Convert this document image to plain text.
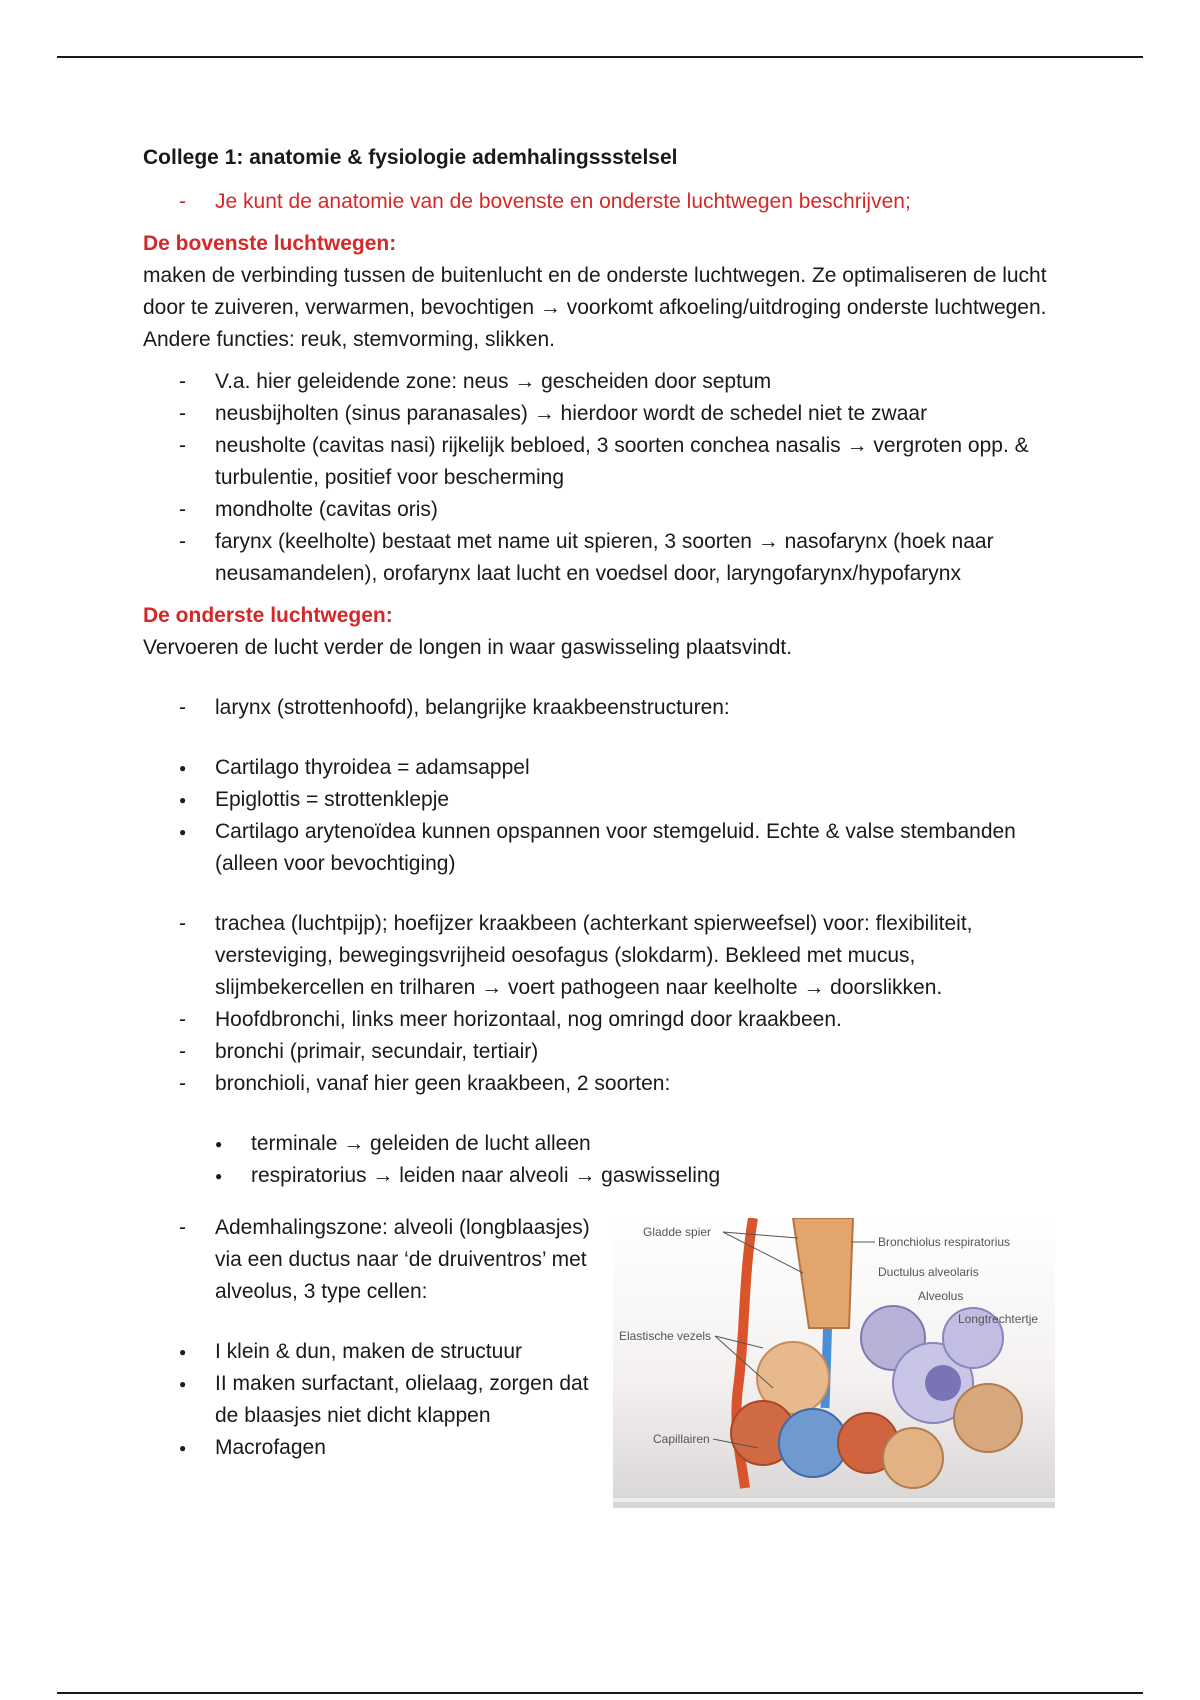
College 1: anatomie & fysiologie ademhalingssstelsel

-
Je kunt de anatomie van de bovenste en onderste luchtwegen beschrijven;

De bovenste luchtwegen:

maken de verbinding tussen de buitenlucht en de onderste luchtwegen. Ze optimaliseren de lucht door te zuiveren, verwarmen, bevochtigen → voorkomt afkoeling/uitdroging onderste luchtwegen. Andere functies: reuk, stemvorming, slikken.

-
V.a. hier geleidende zone: neus → gescheiden door septum
-
neusbijholten (sinus paranasales) → hierdoor wordt de schedel niet te zwaar
-
neusholte (cavitas nasi) rijkelijk bebloed, 3 soorten conchea nasalis → vergroten opp. & turbulentie, positief voor bescherming
-
mondholte (cavitas oris)
-
farynx (keelholte) bestaat met name uit spieren, 3 soorten → nasofarynx (hoek naar neusamandelen), orofarynx laat lucht en voedsel door, laryngofarynx/hypofarynx

De onderste luchtwegen:

Vervoeren de lucht verder de longen in waar gaswisseling plaatsvindt.

-
larynx (strottenhoofd), belangrijke kraakbeenstructuren:
●
Cartilago thyroidea = adamsappel
●
Epiglottis = strottenklepje
●
Cartilago arytenoïdea kunnen opspannen voor stemgeluid. Echte & valse stembanden (alleen voor bevochtiging)
-
trachea (luchtpijp); hoefijzer kraakbeen (achterkant spierweefsel) voor: flexibiliteit, versteviging, bewegingsvrijheid oesofagus (slokdarm). Bekleed met mucus, slijmbekercellen en trilharen → voert pathogeen naar keelholte → doorslikken.
-
Hoofdbronchi, links meer horizontaal, nog omringd door kraakbeen.
-
bronchi (primair, secundair, tertiair)
-
bronchioli, vanaf hier geen kraakbeen, 2 soorten:
●
terminale → geleiden de lucht alleen
●
respiratorius → leiden naar alveoli → gaswisseling
-
Ademhalingszone: alveoli (longblaasjes) via een ductus naar ‘de druiventros’ met alveolus, 3 type cellen:
●
I klein & dun, maken de structuur
●
II maken surfactant, olielaag, zorgen dat de blaasjes niet dicht klappen
●
Macrofagen
Gladde spier
Bronchiolus respiratorius
Ductulus alveolaris
Alveolus
Longtrechtertje
Elastische vezels
Capillairen
